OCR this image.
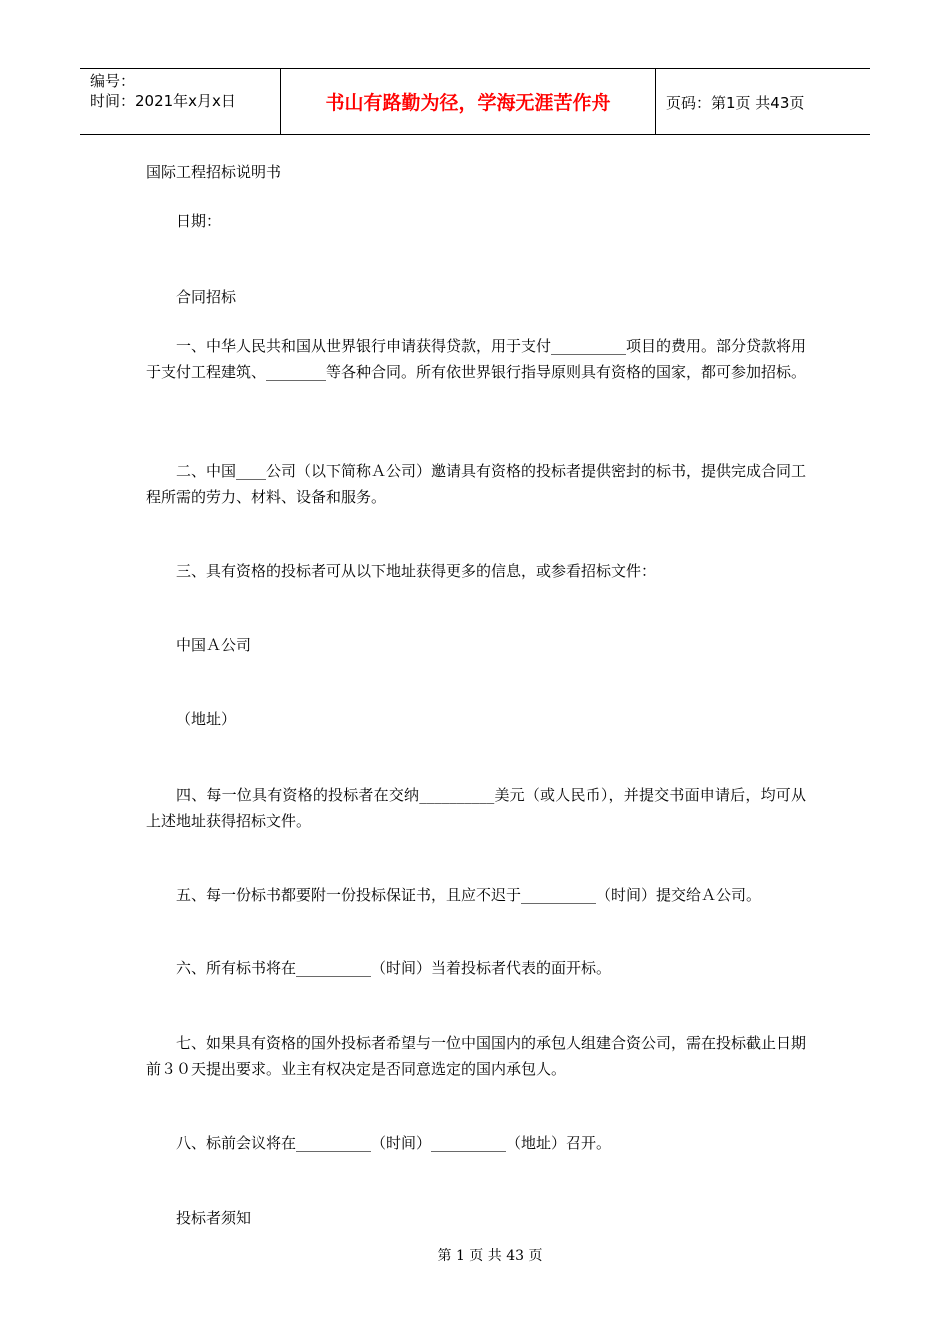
编号：
时间：2021年x月x日	书山有路勤为径，学海无涯苦作舟	页码：第1页 共43页

国际工程招标说明书

日期：

合同招标

一、中华人民共和国从世界银行申请获得贷款，用于支付__________项目的费用。部分贷款将用于支付工程建筑、________等各种合同。所有依世界银行指导原则具有资格的国家，都可参加招标。

二、中国____公司（以下简称Ａ公司）邀请具有资格的投标者提供密封的标书，提供完成合同工程所需的劳力、材料、设备和服务。

三、具有资格的投标者可从以下地址获得更多的信息，或参看招标文件：

中国Ａ公司

（地址）

四、每一位具有资格的投标者在交纳__________美元（或人民币），并提交书面申请后，均可从上述地址获得招标文件。

五、每一份标书都要附一份投标保证书，且应不迟于__________（时间）提交给Ａ公司。

六、所有标书将在__________（时间）当着投标者代表的面开标。

七、如果具有资格的国外投标者希望与一位中国国内的承包人组建合资公司，需在投标截止日期前３０天提出要求。业主有权决定是否同意选定的国内承包人。

八、标前会议将在__________（时间）__________（地址）召开。

投标者须知

第 1 页 共 43 页
